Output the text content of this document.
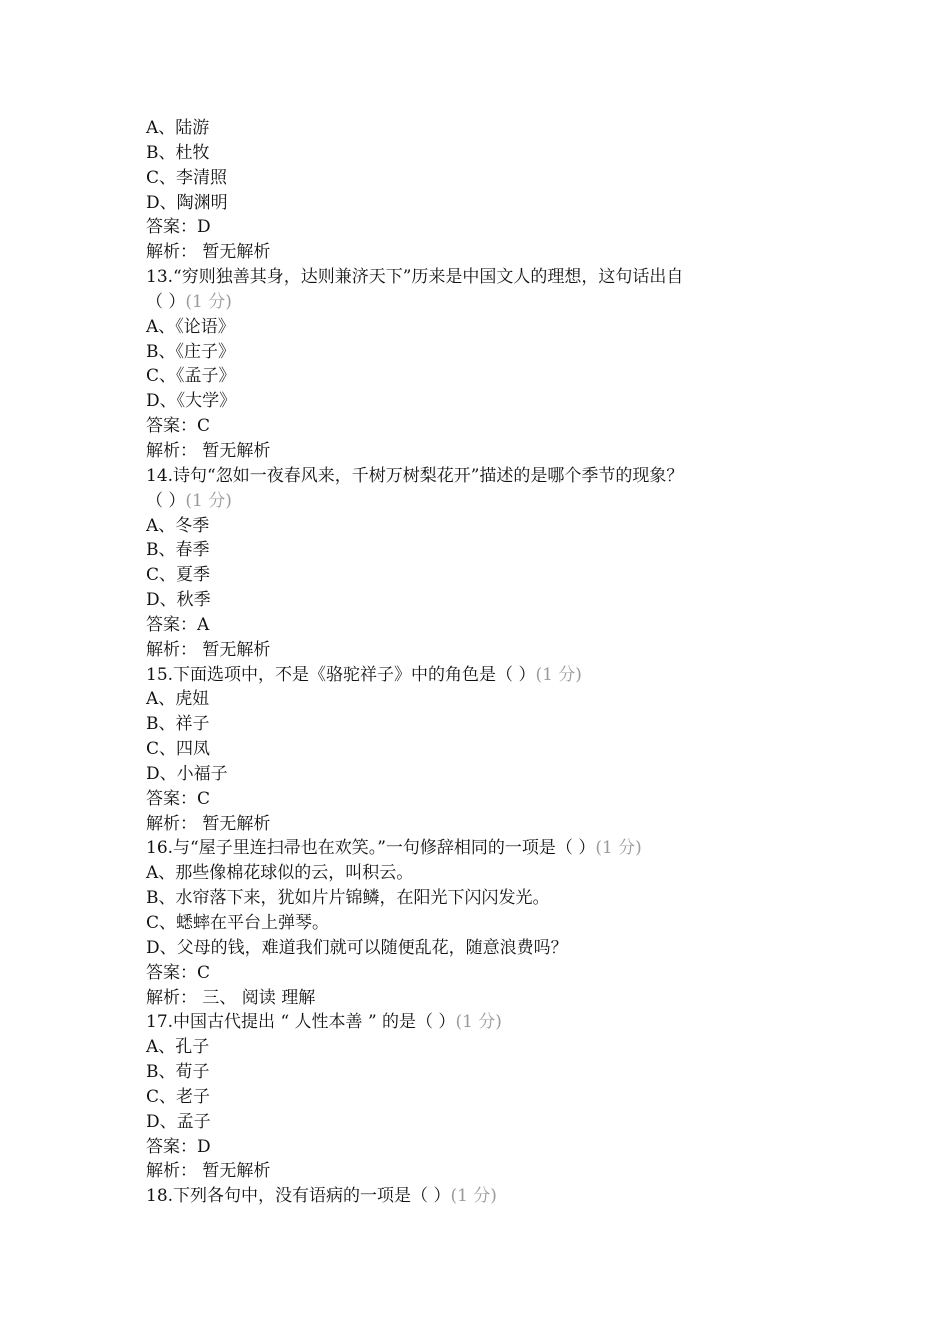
A、陆游
B、杜牧
C、李清照
D、陶渊明
答案：D
解析： 暂无解析
13.“穷则独善其身，达则兼济天下”历来是中国文人的理想，这句话出自
（ ）(1 分)
A、《论语》
B、《庄子》
C、《孟子》
D、《大学》
答案：C
解析： 暂无解析
14.诗句“忽如一夜春风来，千树万树梨花开”描述的是哪个季节的现象？
（ ）(1 分)
A、冬季
B、春季
C、夏季
D、秋季
答案：A
解析： 暂无解析
15.下面选项中，不是《骆驼祥子》中的角色是（ ）(1 分)
A、虎妞
B、祥子
C、四凤
D、小福子
答案：C
解析： 暂无解析
16.与“屋子里连扫帚也在欢笑。”一句修辞相同的一项是（ ）(1 分)
A、那些像棉花球似的云，叫积云。
B、水帘落下来，犹如片片锦鳞，在阳光下闪闪发光。
C、蟋蟀在平台上弹琴。
D、父母的钱，难道我们就可以随便乱花，随意浪费吗？
答案：C
解析： 三、 阅读 理解
17.中国古代提出 “ 人性本善 ” 的是（ ）(1 分)
A、孔子
B、荀子
C、老子
D、孟子
答案：D
解析： 暂无解析
18.下列各句中，没有语病的一项是（ ）(1 分)
